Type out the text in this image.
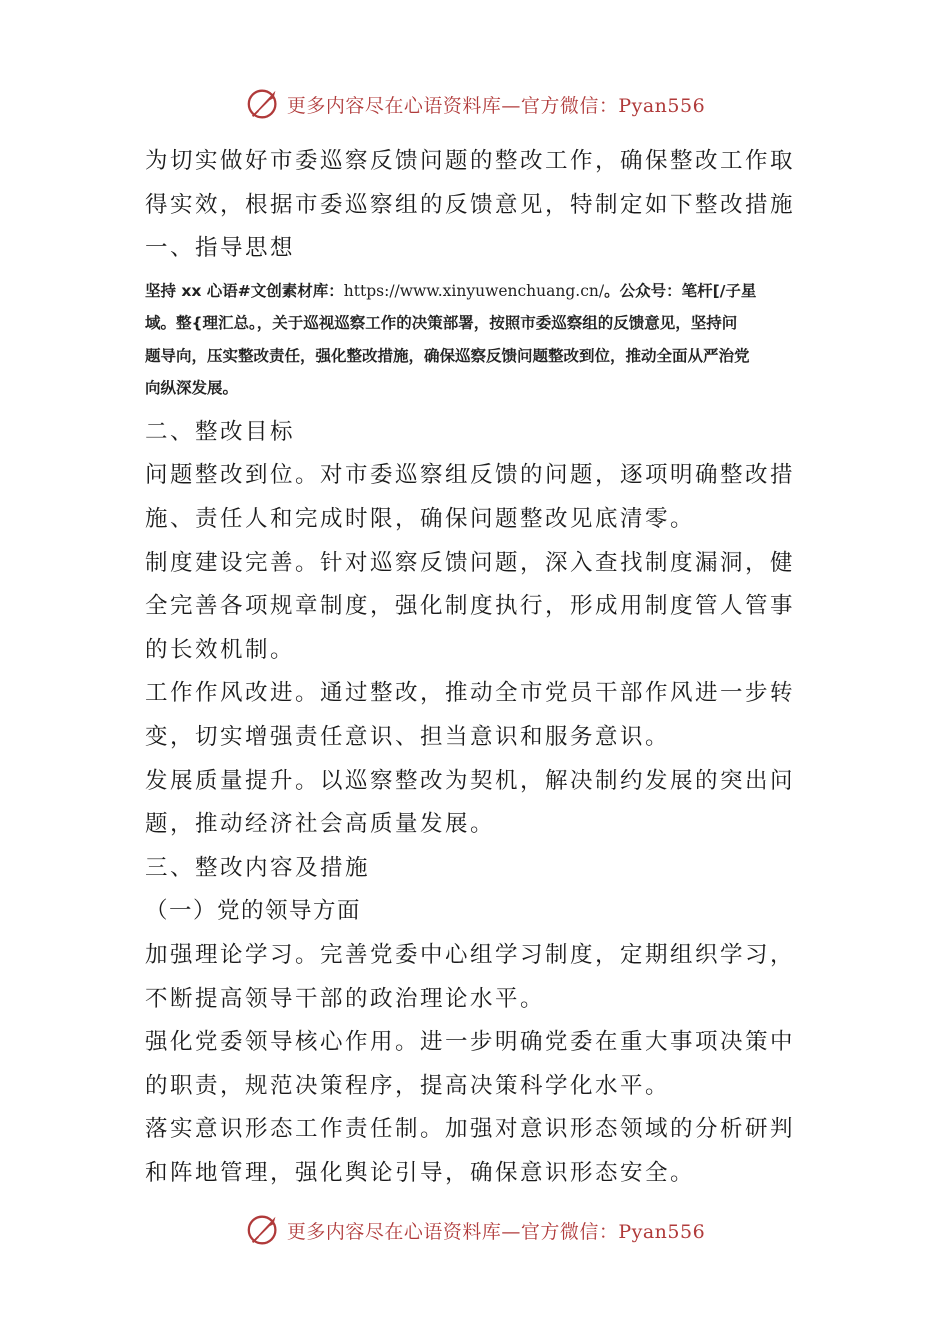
更多内容尽在心语资料库—官方微信：Pyan556
为切实做好市委巡察反馈问题的整改工作，确保整改工作取
得实效，根据市委巡察组的反馈意见，特制定如下整改措施
一、指导思想
坚持 xx 心语#文创素材库：https://www.xinyuwenchuang.cn/。公众号：笔杆[/子星
域。整{理汇总。，关于巡视巡察工作的决策部署，按照市委巡察组的反馈意见，坚持问
题导向，压实整改责任，强化整改措施，确保巡察反馈问题整改到位，推动全面从严治党
向纵深发展。
二、整改目标
问题整改到位。对市委巡察组反馈的问题，逐项明确整改措
施、责任人和完成时限，确保问题整改见底清零。
制度建设完善。针对巡察反馈问题，深入查找制度漏洞，健
全完善各项规章制度，强化制度执行，形成用制度管人管事
的长效机制。
工作作风改进。通过整改，推动全市党员干部作风进一步转
变，切实增强责任意识、担当意识和服务意识。
发展质量提升。以巡察整改为契机，解决制约发展的突出问
题，推动经济社会高质量发展。
三、整改内容及措施
（一）党的领导方面
加强理论学习。完善党委中心组学习制度，定期组织学习，
不断提高领导干部的政治理论水平。
强化党委领导核心作用。进一步明确党委在重大事项决策中
的职责，规范决策程序，提高决策科学化水平。
落实意识形态工作责任制。加强对意识形态领域的分析研判
和阵地管理，强化舆论引导，确保意识形态安全。
更多内容尽在心语资料库—官方微信：Pyan556
